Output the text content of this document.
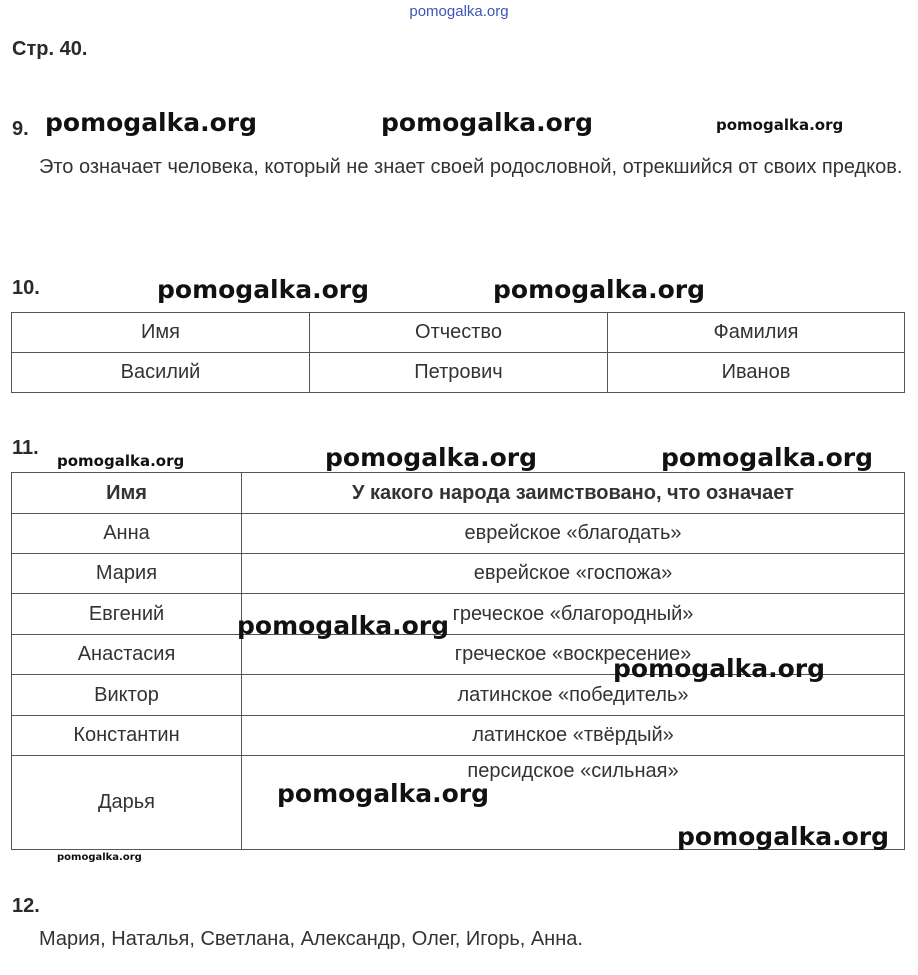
pomogalka.org
Стр. 40.
9. pomogalka.org	pomogalka.org	pomogalka.org
Это означает человека, который не знает своей родословной, отрекшийся от своих предков.
10.	pomogalka.org	pomogalka.org
Имя	Отчество	Фамилия
Василий	Петрович	Иванов
11.
pomogalka.org	pomogalka.org	pomogalka.org
Имя	У какого народа заимствовано, что означает
Анна	еврейское «благодать»
Мария	еврейское «госпожа»
Евгений	греческое «благородный»
Анастасия	греческое «воскресение»
Виктор	латинское «победитель»
Константин	латинское «твёрдый»
Дарья	персидское «сильная»
pomogalka.org
pomogalka.org
pomogalka.org
pomogalka.org
pomogalka.org
12.
Мария, Наталья, Светлана, Александр, Олег, Игорь, Анна.
